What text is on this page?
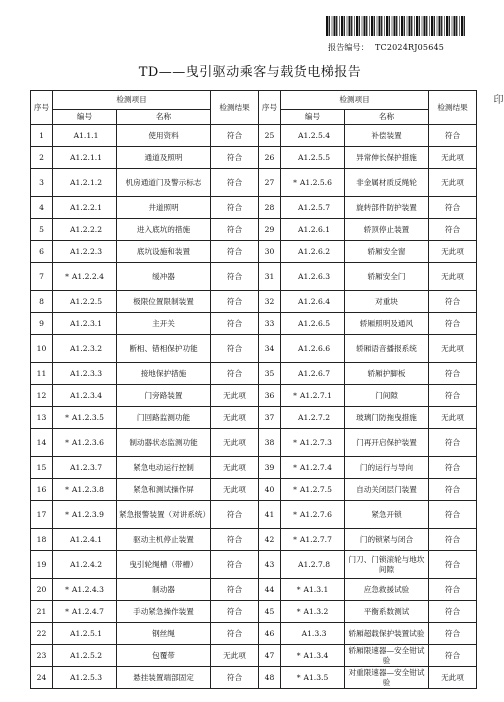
报告编号： TC2024RJ05645
TD——曳引驱动乘客与载货电梯报告
印
序号	检测项目		检测结果	序号	检测项目		检测结果
	编号	名称			编号	名称	
1	A1.1.1	使用资料	符合	25	A1.2.5.4	补偿装置	符合
2	A1.2.1.1	通道及照明	符合	26	A1.2.5.5	异常伸长保护措施	无此项
3	A1.2.1.2	机房通道门及警示标志	符合	27	* A1.2.5.6	非金属材质反绳轮	无此项
4	A1.2.2.1	井道照明	符合	28	A1.2.5.7	旋转部件防护装置	符合
5	A1.2.2.2	进入底坑的措施	符合	29	A1.2.6.1	轿顶停止装置	符合
6	A1.2.2.3	底坑设施和装置	符合	30	A1.2.6.2	轿厢安全窗	无此项
7	* A1.2.2.4	缓冲器	符合	31	A1.2.6.3	轿厢安全门	无此项
8	A1.2.2.5	极限位置限制装置	符合	32	A1.2.6.4	对重块	符合
9	A1.2.3.1	主开关	符合	33	A1.2.6.5	轿厢照明及通风	符合
10	A1.2.3.2	断相、错相保护功能	符合	34	A1.2.6.6	轿厢语音播报系统	无此项
11	A1.2.3.3	接地保护措施	符合	35	A1.2.6.7	轿厢护脚板	符合
12	A1.2.3.4	门旁路装置	无此项	36	* A1.2.7.1	门间隙	符合
13	* A1.2.3.5	门回路监测功能	无此项	37	A1.2.7.2	玻璃门防拖曳措施	无此项
14	* A1.2.3.6	制动器状态监测功能	无此项	38	* A1.2.7.3	门再开启保护装置	符合
15	A1.2.3.7	紧急电动运行控制	无此项	39	* A1.2.7.4	门的运行与导向	符合
16	* A1.2.3.8	紧急和测试操作屏	无此项	40	* A1.2.7.5	自动关闭层门装置	符合
17	* A1.2.3.9	紧急报警装置（对讲系统）	符合	41	* A1.2.7.6	紧急开锁	符合
18	A1.2.4.1	驱动主机停止装置	符合	42	* A1.2.7.7	门的锁紧与闭合	符合
19	A1.2.4.2	曳引轮绳槽（带槽）	符合	43	A1.2.7.8	门刀、门锁滚轮与地坎间隙	符合
20	* A1.2.4.3	制动器	符合	44	* A1.3.1	应急救援试验	符合
21	* A1.2.4.7	手动紧急操作装置	符合	45	* A1.3.2	平衡系数测试	符合
22	A1.2.5.1	钢丝绳	符合	46	A1.3.3	轿厢超载保护装置试验	符合
23	A1.2.5.2	包覆带	无此项	47	* A1.3.4	轿厢限速器—安全钳试验	符合
24	A1.2.5.3	悬挂装置端部固定	符合	48	* A1.3.5	对重限速器—安全钳试验	无此项
